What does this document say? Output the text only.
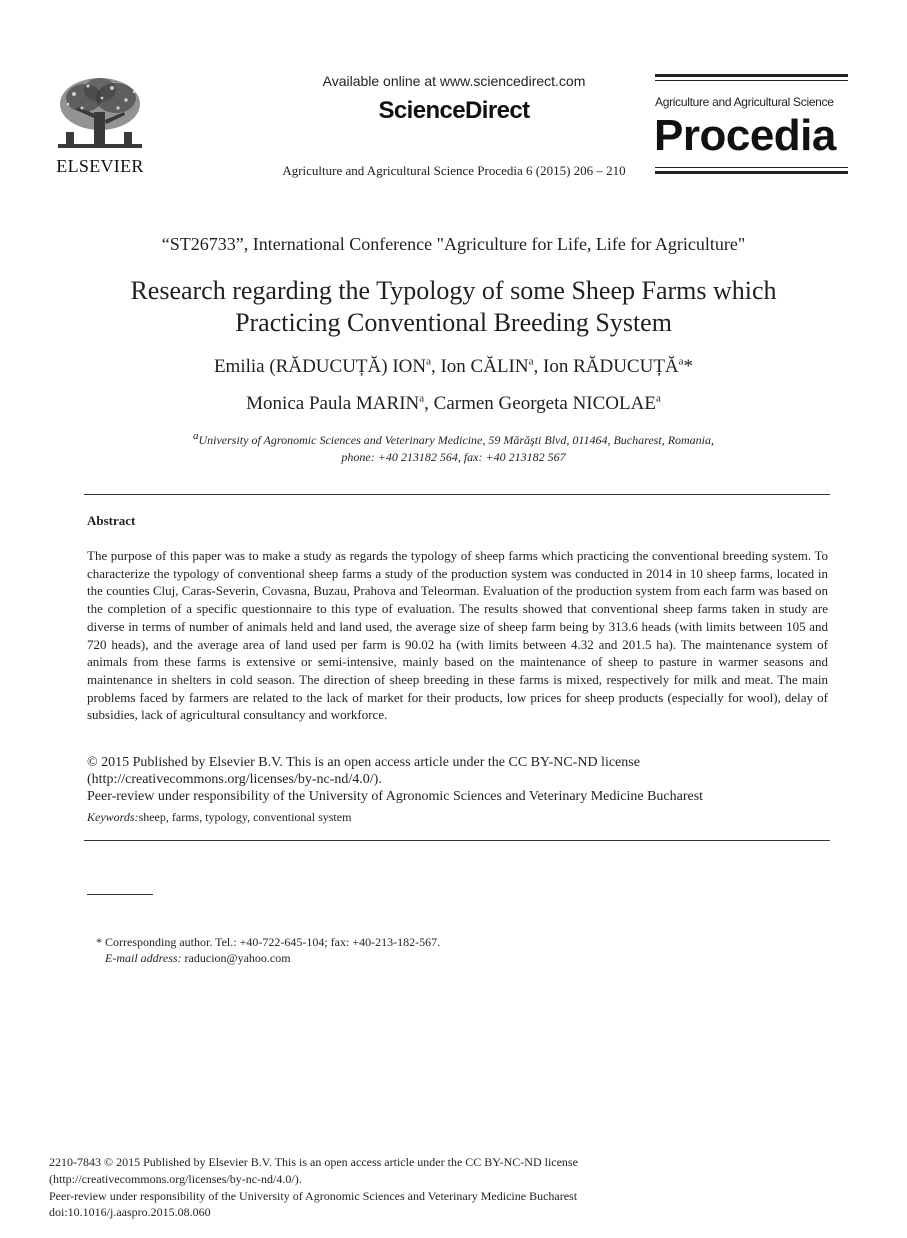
ELSEVIER
Available online at www.sciencedirect.com
ScienceDirect
Agriculture and Agricultural Science Procedia 6 (2015) 206 – 210
Agriculture and Agricultural Science
Procedia
“ST26733”, International Conference "Agriculture for Life, Life for Agriculture"
Research regarding the Typology of some Sheep Farms which
Practicing Conventional Breeding System
Emilia (RĂDUCUȚĂ) ION$^a$, Ion CĂLIN$^a$, Ion RĂDUCUȚĂ$^a$*
Monica Paula MARIN$^a$, Carmen Georgeta NICOLAE$^a$
$^a$University of Agronomic Sciences and Veterinary Medicine, 59 Mărăşti Blvd, 011464, Bucharest, Romania,
phone: +40 213182 564, fax: +40 213182 567
Abstract
The purpose of this paper was to make a study as regards the typology of sheep farms which practicing the conventional breeding system. To characterize the typology of conventional sheep farms a study of the production system was conducted in 2014 in 10 sheep farms, located in the counties Cluj, Caras-Severin, Covasna, Buzau, Prahova and Teleorman. Evaluation of the production system from each farm was based on the completion of a specific questionnaire to this type of evaluation. The results showed that conventional sheep farms taken in study are diverse in terms of number of animals held and land used, the average size of sheep farm being by 313.6 heads (with limits between 105 and 720 heads), and the average area of land used per farm is 90.02 ha (with limits between 4.32 and 201.5 ha). The maintenance system of animals from these farms is extensive or semi-intensive, mainly based on the maintenance of sheep to pasture in warmer seasons and maintenance in shelters in cold season. The direction of sheep breeding in these farms is mixed, respectively for milk and meat. The main problems faced by farmers are related to the lack of market for their products, low prices for sheep products (especially for wool), delay of subsidies, lack of agricultural consultancy and workforce.
© 2015 Published by Elsevier B.V. This is an open access article under the CC BY-NC-ND license
(http://creativecommons.org/licenses/by-nc-nd/4.0/).
Peer-review under responsibility of the University of Agronomic Sciences and Veterinary Medicine Bucharest
Keywords:sheep, farms, typology, conventional system
* Corresponding author. Tel.: +40-722-645-104; fax: +40-213-182-567.
E-mail address: raducion@yahoo.com
2210-7843 © 2015 Published by Elsevier B.V. This is an open access article under the CC BY-NC-ND license
(http://creativecommons.org/licenses/by-nc-nd/4.0/).
Peer-review under responsibility of the University of Agronomic Sciences and Veterinary Medicine Bucharest
doi:10.1016/j.aaspro.2015.08.060
